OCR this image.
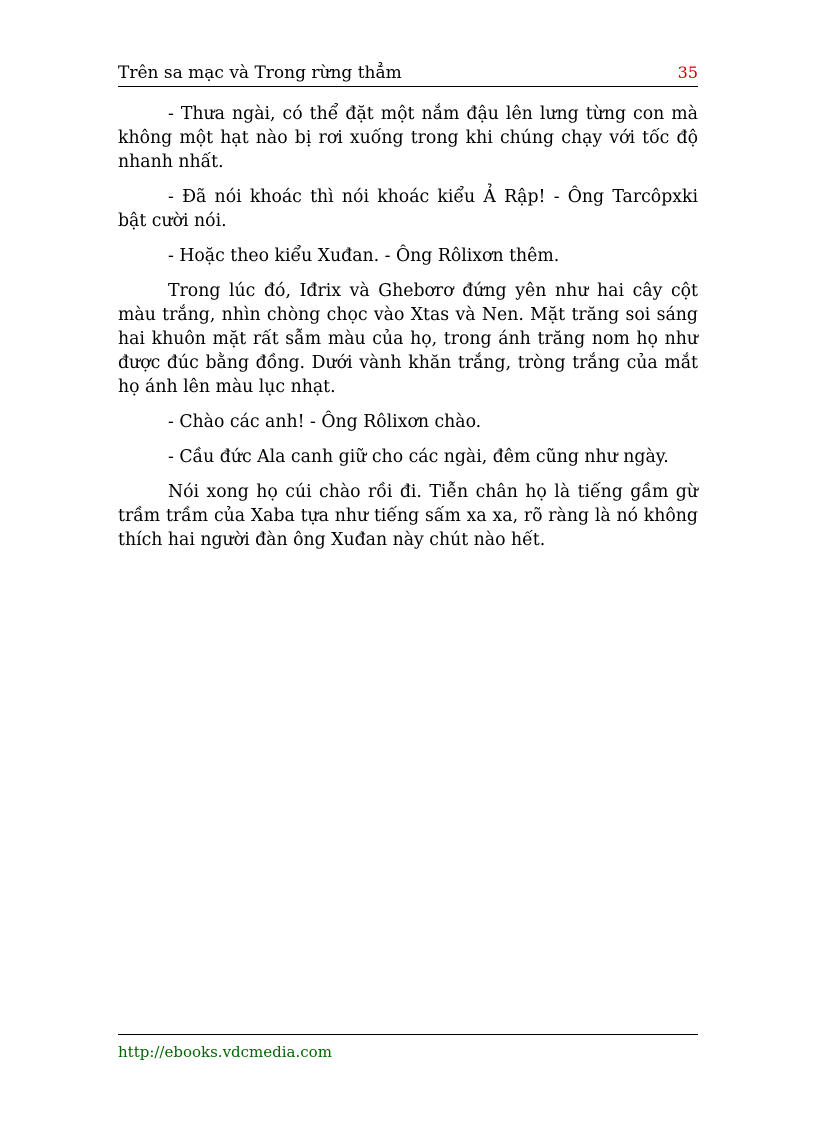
Trên sa mạc và Trong rừng thẳm	35

- Thưa ngài, có thể đặt một nắm đậu lên lưng từng con mà không một hạt nào bị rơi xuống trong khi chúng chạy với tốc độ nhanh nhất.

- Đã nói khoác thì nói khoác kiểu Ả Rập! - Ông Tarcôpxki bật cười nói.

- Hoặc theo kiểu Xuđan. - Ông Rôlixơn thêm.

Trong lúc đó, Iđrix và Ghebơrơ đứng yên như hai cây cột màu trắng, nhìn chòng chọc vào Xtas và Nen. Mặt trăng soi sáng hai khuôn mặt rất sẫm màu của họ, trong ánh trăng nom họ như được đúc bằng đồng. Dưới vành khăn trắng, tròng trắng của mắt họ ánh lên màu lục nhạt.

- Chào các anh! - Ông Rôlixơn chào.

- Cầu đức Ala canh giữ cho các ngài, đêm cũng như ngày.

Nói xong họ cúi chào rồi đi. Tiễn chân họ là tiếng gầm gừ trầm trầm của Xaba tựa như tiếng sấm xa xa, rõ ràng là nó không thích hai người đàn ông Xuđan này chút nào hết.

http://ebooks.vdcmedia.com
